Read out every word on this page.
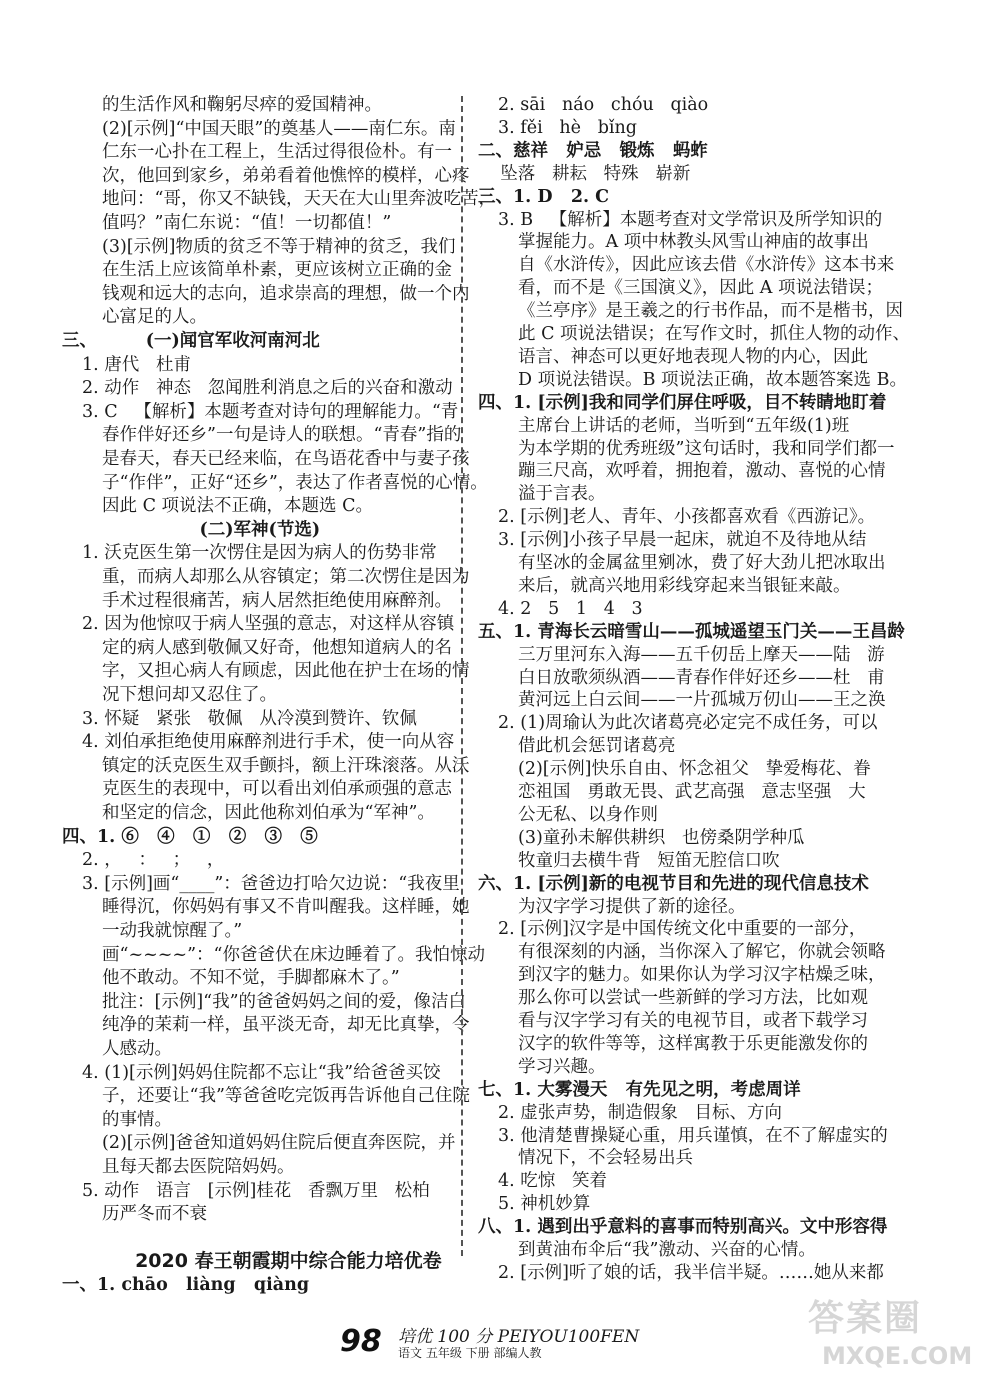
的生活作风和鞠躬尽瘁的爱国精神。
(2)[示例]“中国天眼”的奠基人——南仁东。南
仁东一心扑在工程上，生活过得很俭朴。有一
次，他回到家乡，弟弟看着他憔悴的模样，心疼
地问：“哥，你又不缺钱，天天在大山里奔波吃苦，
值吗？”南仁东说：“值！一切都值！”
(3)[示例]物质的贫乏不等于精神的贫乏，我们
在生活上应该简单朴素，更应该树立正确的金
钱观和远大的志向，追求崇高的理想，做一个内
心富足的人。
三、        (一)闻官军收河南河北
1. 唐代   杜甫
2. 动作   神态   忽闻胜利消息之后的兴奋和激动
3. C   【解析】本题考查对诗句的理解能力。“青
春作伴好还乡”一句是诗人的联想。“青春”指的
是春天，春天已经来临，在鸟语花香中与妻子孩
子“作伴”，正好“还乡”，表达了作者喜悦的心情。
因此 C 项说法不正确，本题选 C。
(二)军神(节选)
1. 沃克医生第一次愣住是因为病人的伤势非常
重，而病人却那么从容镇定；第二次愣住是因为
手术过程很痛苦，病人居然拒绝使用麻醉剂。
2. 因为他惊叹于病人坚强的意志，对这样从容镇
定的病人感到敬佩又好奇，他想知道病人的名
字，又担心病人有顾虑，因此他在护士在场的情
况下想问却又忍住了。
3. 怀疑   紧张   敬佩   从冷漠到赞许、钦佩
4. 刘伯承拒绝使用麻醉剂进行手术，使一向从容
镇定的沃克医生双手颤抖，额上汗珠滚落。从沃
克医生的表现中，可以看出刘伯承顽强的意志
和坚定的信念，因此他称刘伯承为“军神”。
四、1. ⑥   ④   ①   ②   ③   ⑤
2. ，   ：   ；   ，
3. [示例]画“____”：爸爸边打哈欠边说：“我夜里
睡得沉，你妈妈有事又不肯叫醒我。这样睡，她
一动我就惊醒了。”
画“~~~~”：“你爸爸伏在床边睡着了。我怕惊动
他不敢动。不知不觉，手脚都麻木了。”
批注：[示例]“我”的爸爸妈妈之间的爱，像洁白
纯净的茉莉一样，虽平淡无奇，却无比真挚，令
人感动。
4. (1)[示例]妈妈住院都不忘让“我”给爸爸买饺
子，还要让“我”等爸爸吃完饭再告诉他自己住院
的事情。
(2)[示例]爸爸知道妈妈住院后便直奔医院，并
且每天都去医院陪妈妈。
5. 动作   语言   [示例]桂花   香飘万里   松柏
历严冬而不衰
2020 春王朝霞期中综合能力培优卷
一、1. chāo   liàng   qiàng
2. sāi   náo   chóu   qiào
3. fěi   hè   bǐng
二、慈祥   妒忌   锻炼   蚂蚱
坠落   耕耘   特殊   崭新
三、1. D   2. C
3. B   【解析】本题考查对文学常识及所学知识的
掌握能力。A 项中林教头风雪山神庙的故事出
自《水浒传》，因此应该去借《水浒传》这本书来
看，而不是《三国演义》，因此 A 项说法错误；
《兰亭序》是王羲之的行书作品，而不是楷书，因
此 C 项说法错误；在写作文时，抓住人物的动作、
语言、神态可以更好地表现人物的内心，因此
D 项说法错误。B 项说法正确，故本题答案选 B。
四、1. [示例]我和同学们屏住呼吸，目不转睛地盯着
主席台上讲话的老师，当听到“五年级(1)班
为本学期的优秀班级”这句话时，我和同学们都一
蹦三尺高，欢呼着，拥抱着，激动、喜悦的心情
溢于言表。
2. [示例]老人、青年、小孩都喜欢看《西游记》。
3. [示例]小孩子早晨一起床，就迫不及待地从结
有坚冰的金属盆里剜冰，费了好大劲儿把冰取出
来后，就高兴地用彩线穿起来当银钲来敲。
4. 2   5   1   4   3
五、1. 青海长云暗雪山——孤城遥望玉门关——王昌龄
三万里河东入海——五千仞岳上摩天——陆   游
白日放歌须纵酒——青春作伴好还乡——杜   甫
黄河远上白云间——一片孤城万仞山——王之涣
2. (1)周瑜认为此次诸葛亮必定完不成任务，可以
借此机会惩罚诸葛亮
(2)[示例]快乐自由、怀念祖父   挚爱梅花、眷
恋祖国   勇敢无畏、武艺高强   意志坚强   大
公无私、以身作则
(3)童孙未解供耕织   也傍桑阴学种瓜
牧童归去横牛背   短笛无腔信口吹
六、1. [示例]新的电视节目和先进的现代信息技术
为汉字学习提供了新的途径。
2. [示例]汉字是中国传统文化中重要的一部分，
有很深刻的内涵，当你深入了解它，你就会领略
到汉字的魅力。如果你认为学习汉字枯燥乏味，
那么你可以尝试一些新鲜的学习方法，比如观
看与汉字学习有关的电视节目，或者下载学习
汉字的软件等等，这样寓教于乐更能激发你的
学习兴趣。
七、1. 大雾漫天   有先见之明，考虑周详
2. 虚张声势，制造假象   目标、方向
3. 他清楚曹操疑心重，用兵谨慎，在不了解虚实的
情况下，不会轻易出兵
4. 吃惊   笑着
5. 神机妙算
八、1. 遇到出乎意料的喜事而特别高兴。文中形容得
到黄油布伞后“我”激动、兴奋的心情。
2. [示例]听了娘的话，我半信半疑。……她从来都
98 培优 100 分 PEIYOU100FEN
语文 五年级 下册 部编人教
答案圈
MXQE.COM
